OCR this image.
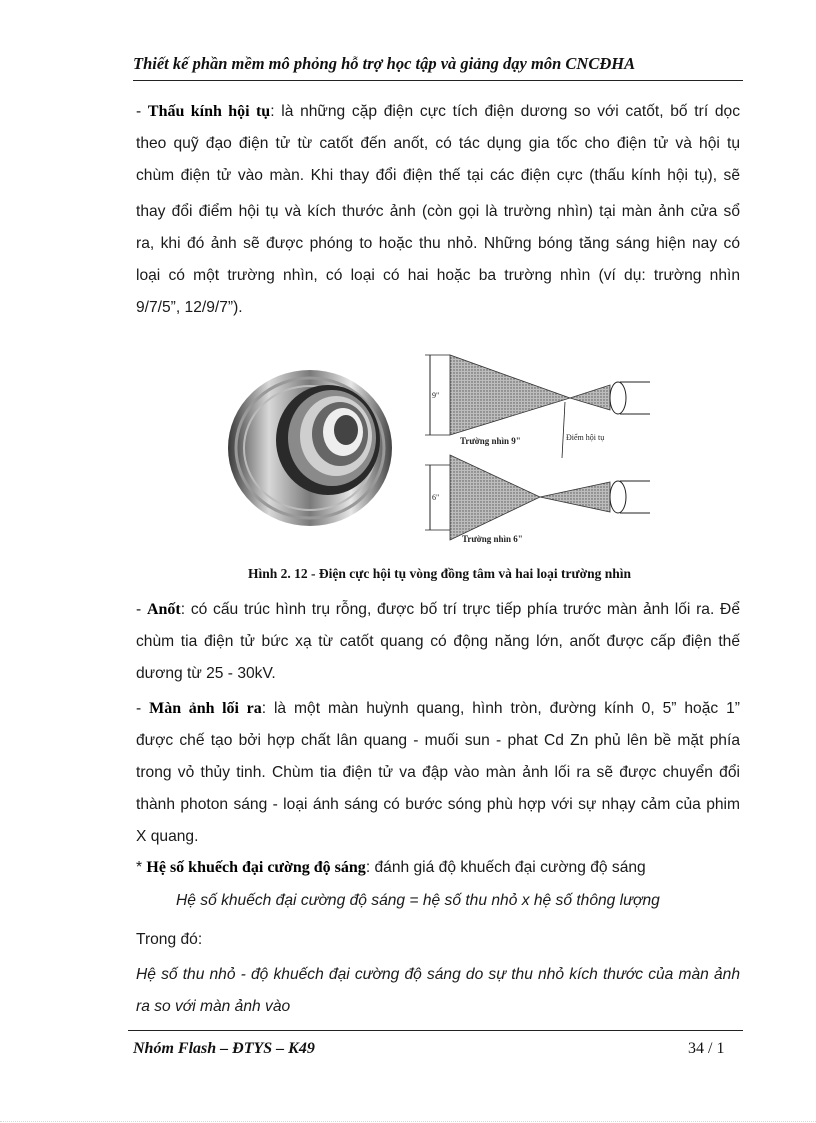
Thiết kế phần mềm mô phỏng hỗ trợ học tập và giảng dạy môn CNCĐHA
- Thấu kính hội tụ: là những cặp điện cực tích điện dương so với catốt, bố trí dọc
theo quỹ đạo điện tử từ catốt đến anốt, có tác dụng gia tốc cho điện tử và hội tụ
chùm điện tử vào màn. Khi thay đổi điện thế tại các điện cực (thấu kính hội tụ), sẽ
thay đổi điểm hội tụ và kích thước ảnh (còn gọi là trường nhìn) tại màn ảnh cửa sổ
ra, khi đó ảnh sẽ được phóng to hoặc thu nhỏ. Những bóng tăng sáng hiện nay có
loại có một trường nhìn, có loại có hai hoặc ba trường nhìn (ví dụ: trường nhìn
9/7/5”, 12/9/7”).
9"
Trường nhìn 9"	Điểm hội tụ
6"
Trường nhìn 6"
Hình 2. 12 - Điện cực hội tụ vòng đồng tâm và hai loại trường nhìn
- Anốt: có cấu trúc hình trụ rỗng, được bố trí trực tiếp phía trước màn ảnh lối ra. Để
chùm tia điện tử bức xạ từ catốt quang có động năng lớn, anốt được cấp điện thế
dương từ 25 - 30kV.
- Màn ảnh lối ra: là một màn huỳnh quang, hình tròn, đường kính 0, 5” hoặc 1”
được chế tạo bởi hợp chất lân quang - muối sun - phat Cd Zn phủ lên bề mặt phía
trong vỏ thủy tinh. Chùm tia điện tử va đập vào màn ảnh lối ra sẽ được chuyển đổi
thành photon sáng - loại ánh sáng có bước sóng phù hợp với sự nhạy cảm của phim
X quang.
* Hệ số khuếch đại cường độ sáng: đánh giá độ khuếch đại cường độ sáng
Hệ số khuếch đại cường độ sáng = hệ số thu nhỏ x hệ số thông lượng
Trong đó:
Hệ số thu nhỏ - độ khuếch đại cường độ sáng do sự thu nhỏ kích thước của màn ảnh
ra so với màn ảnh vào
Nhóm Flash – ĐTYS – K49	34 / 1
